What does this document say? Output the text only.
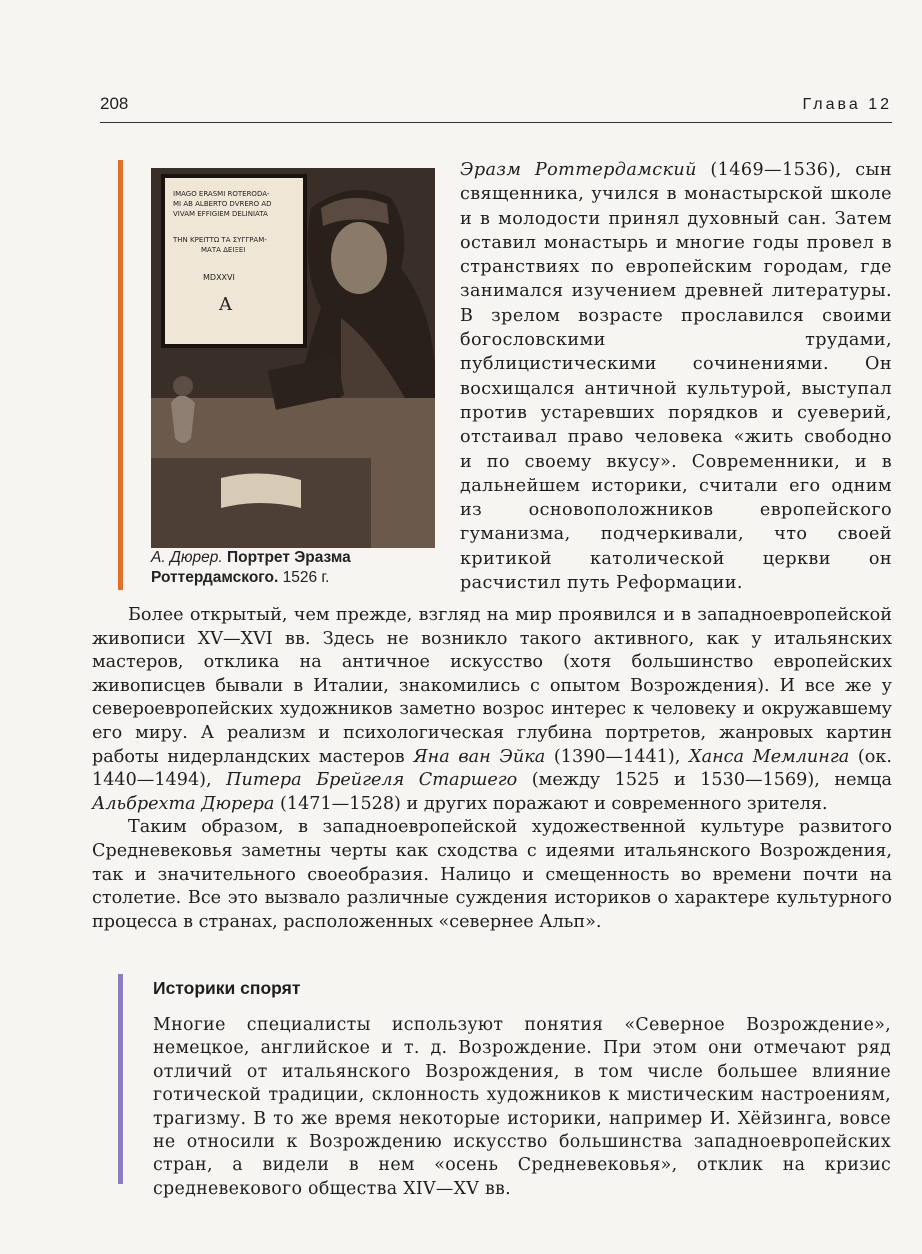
208	Глава 12
IMAGO ERASMI ROTERODA-
MI AB ALBERTO DVRERO AD
VIVAM EFFIGIEM DELINIATA
ΤΗΝ ΚΡΕΙΤΤΩ ΤΑ ΣΥΓΓΡΑΜ-
ΜΑΤΑ ΔΕΙΞΕΙ
MDXXVI
A
А. Дюрер. Портрет Эразма Роттердамского. 1526 г.
Эразм Роттердамский (1469—1536), сын священника, учился в монастырской школе и в молодости принял духовный сан. Затем оставил монастырь и многие годы провел в странствиях по европейским городам, где занимался изучением древней литературы. В зрелом возрасте прославился своими богословскими трудами, публицистическими сочинениями. Он восхищался античной культурой, выступал против устаревших порядков и суеверий, отстаивал право человека «жить свободно и по своему вкусу». Современники, и в дальнейшем историки, считали его одним из основоположников европейского гуманизма, подчеркивали, что своей критикой католической церкви он расчистил путь Реформации.

Более открытый, чем прежде, взгляд на мир проявился и в западноевропейской живописи XV—XVI вв. Здесь не возникло такого активного, как у итальянских мастеров, отклика на античное искусство (хотя большинство европейских живописцев бывали в Италии, знакомились с опытом Возрождения). И все же у североевропейских художников заметно возрос интерес к человеку и окружавшему его миру. А реализм и психологическая глубина портретов, жанровых картин работы нидерландских мастеров Яна ван Эйка (1390—1441), Ханса Мемлинга (ок. 1440—1494), Питера Брейгеля Старшего (между 1525 и 1530—1569), немца Альбрехта Дюрера (1471—1528) и других поражают и современного зрителя.

Таким образом, в западноевропейской художественной культуре развитого Средневековья заметны черты как сходства с идеями итальянского Возрождения, так и значительного своеобразия. Налицо и смещенность во времени почти на столетие. Все это вызвало различные суждения историков о характере культурного процесса в странах, расположенных «севернее Альп».

Историки спорят
Многие специалисты используют понятия «Северное Возрождение», немецкое, английское и т. д. Возрождение. При этом они отмечают ряд отличий от итальянского Возрождения, в том числе большее влияние готической традиции, склонность художников к мистическим настроениям, трагизму. В то же время некоторые историки, например И. Хёйзинга, вовсе не относили к Возрождению искусство большинства западноевропейских стран, а видели в нем «осень Средневековья», отклик на кризис средневекового общества XIV—XV вв.
